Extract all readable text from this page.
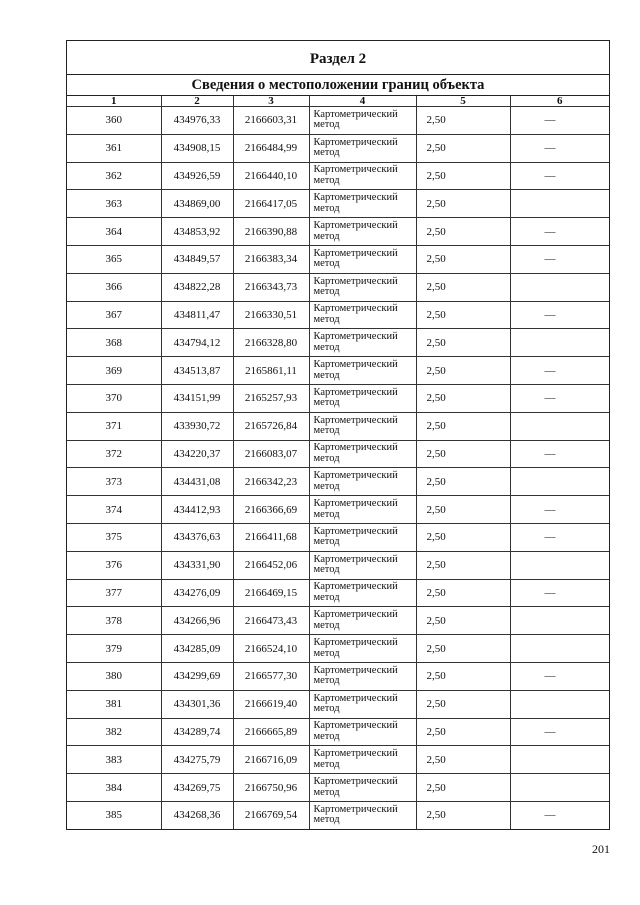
Раздел 2
Сведения о местоположении границ объекта
1	2	3	4	5	6
360	434976,33	2166603,31	Картометрический метод	2,50	—
361	434908,15	2166484,99	Картометрический метод	2,50	—
362	434926,59	2166440,10	Картометрический метод	2,50	—
363	434869,00	2166417,05	Картометрический метод	2,50	
364	434853,92	2166390,88	Картометрический метод	2,50	—
365	434849,57	2166383,34	Картометрический метод	2,50	—
366	434822,28	2166343,73	Картометрический метод	2,50	
367	434811,47	2166330,51	Картометрический метод	2,50	—
368	434794,12	2166328,80	Картометрический метод	2,50	
369	434513,87	2165861,11	Картометрический метод	2,50	—
370	434151,99	2165257,93	Картометрический метод	2,50	—
371	433930,72	2165726,84	Картометрический метод	2,50	
372	434220,37	2166083,07	Картометрический метод	2,50	—
373	434431,08	2166342,23	Картометрический метод	2,50	
374	434412,93	2166366,69	Картометрический метод	2,50	—
375	434376,63	2166411,68	Картометрический метод	2,50	—
376	434331,90	2166452,06	Картометрический метод	2,50	
377	434276,09	2166469,15	Картометрический метод	2,50	—
378	434266,96	2166473,43	Картометрический метод	2,50	
379	434285,09	2166524,10	Картометрический метод	2,50	
380	434299,69	2166577,30	Картометрический метод	2,50	—
381	434301,36	2166619,40	Картометрический метод	2,50	
382	434289,74	2166665,89	Картометрический метод	2,50	—
383	434275,79	2166716,09	Картометрический метод	2,50	
384	434269,75	2166750,96	Картометрический метод	2,50	
385	434268,36	2166769,54	Картометрический метод	2,50	—
201
